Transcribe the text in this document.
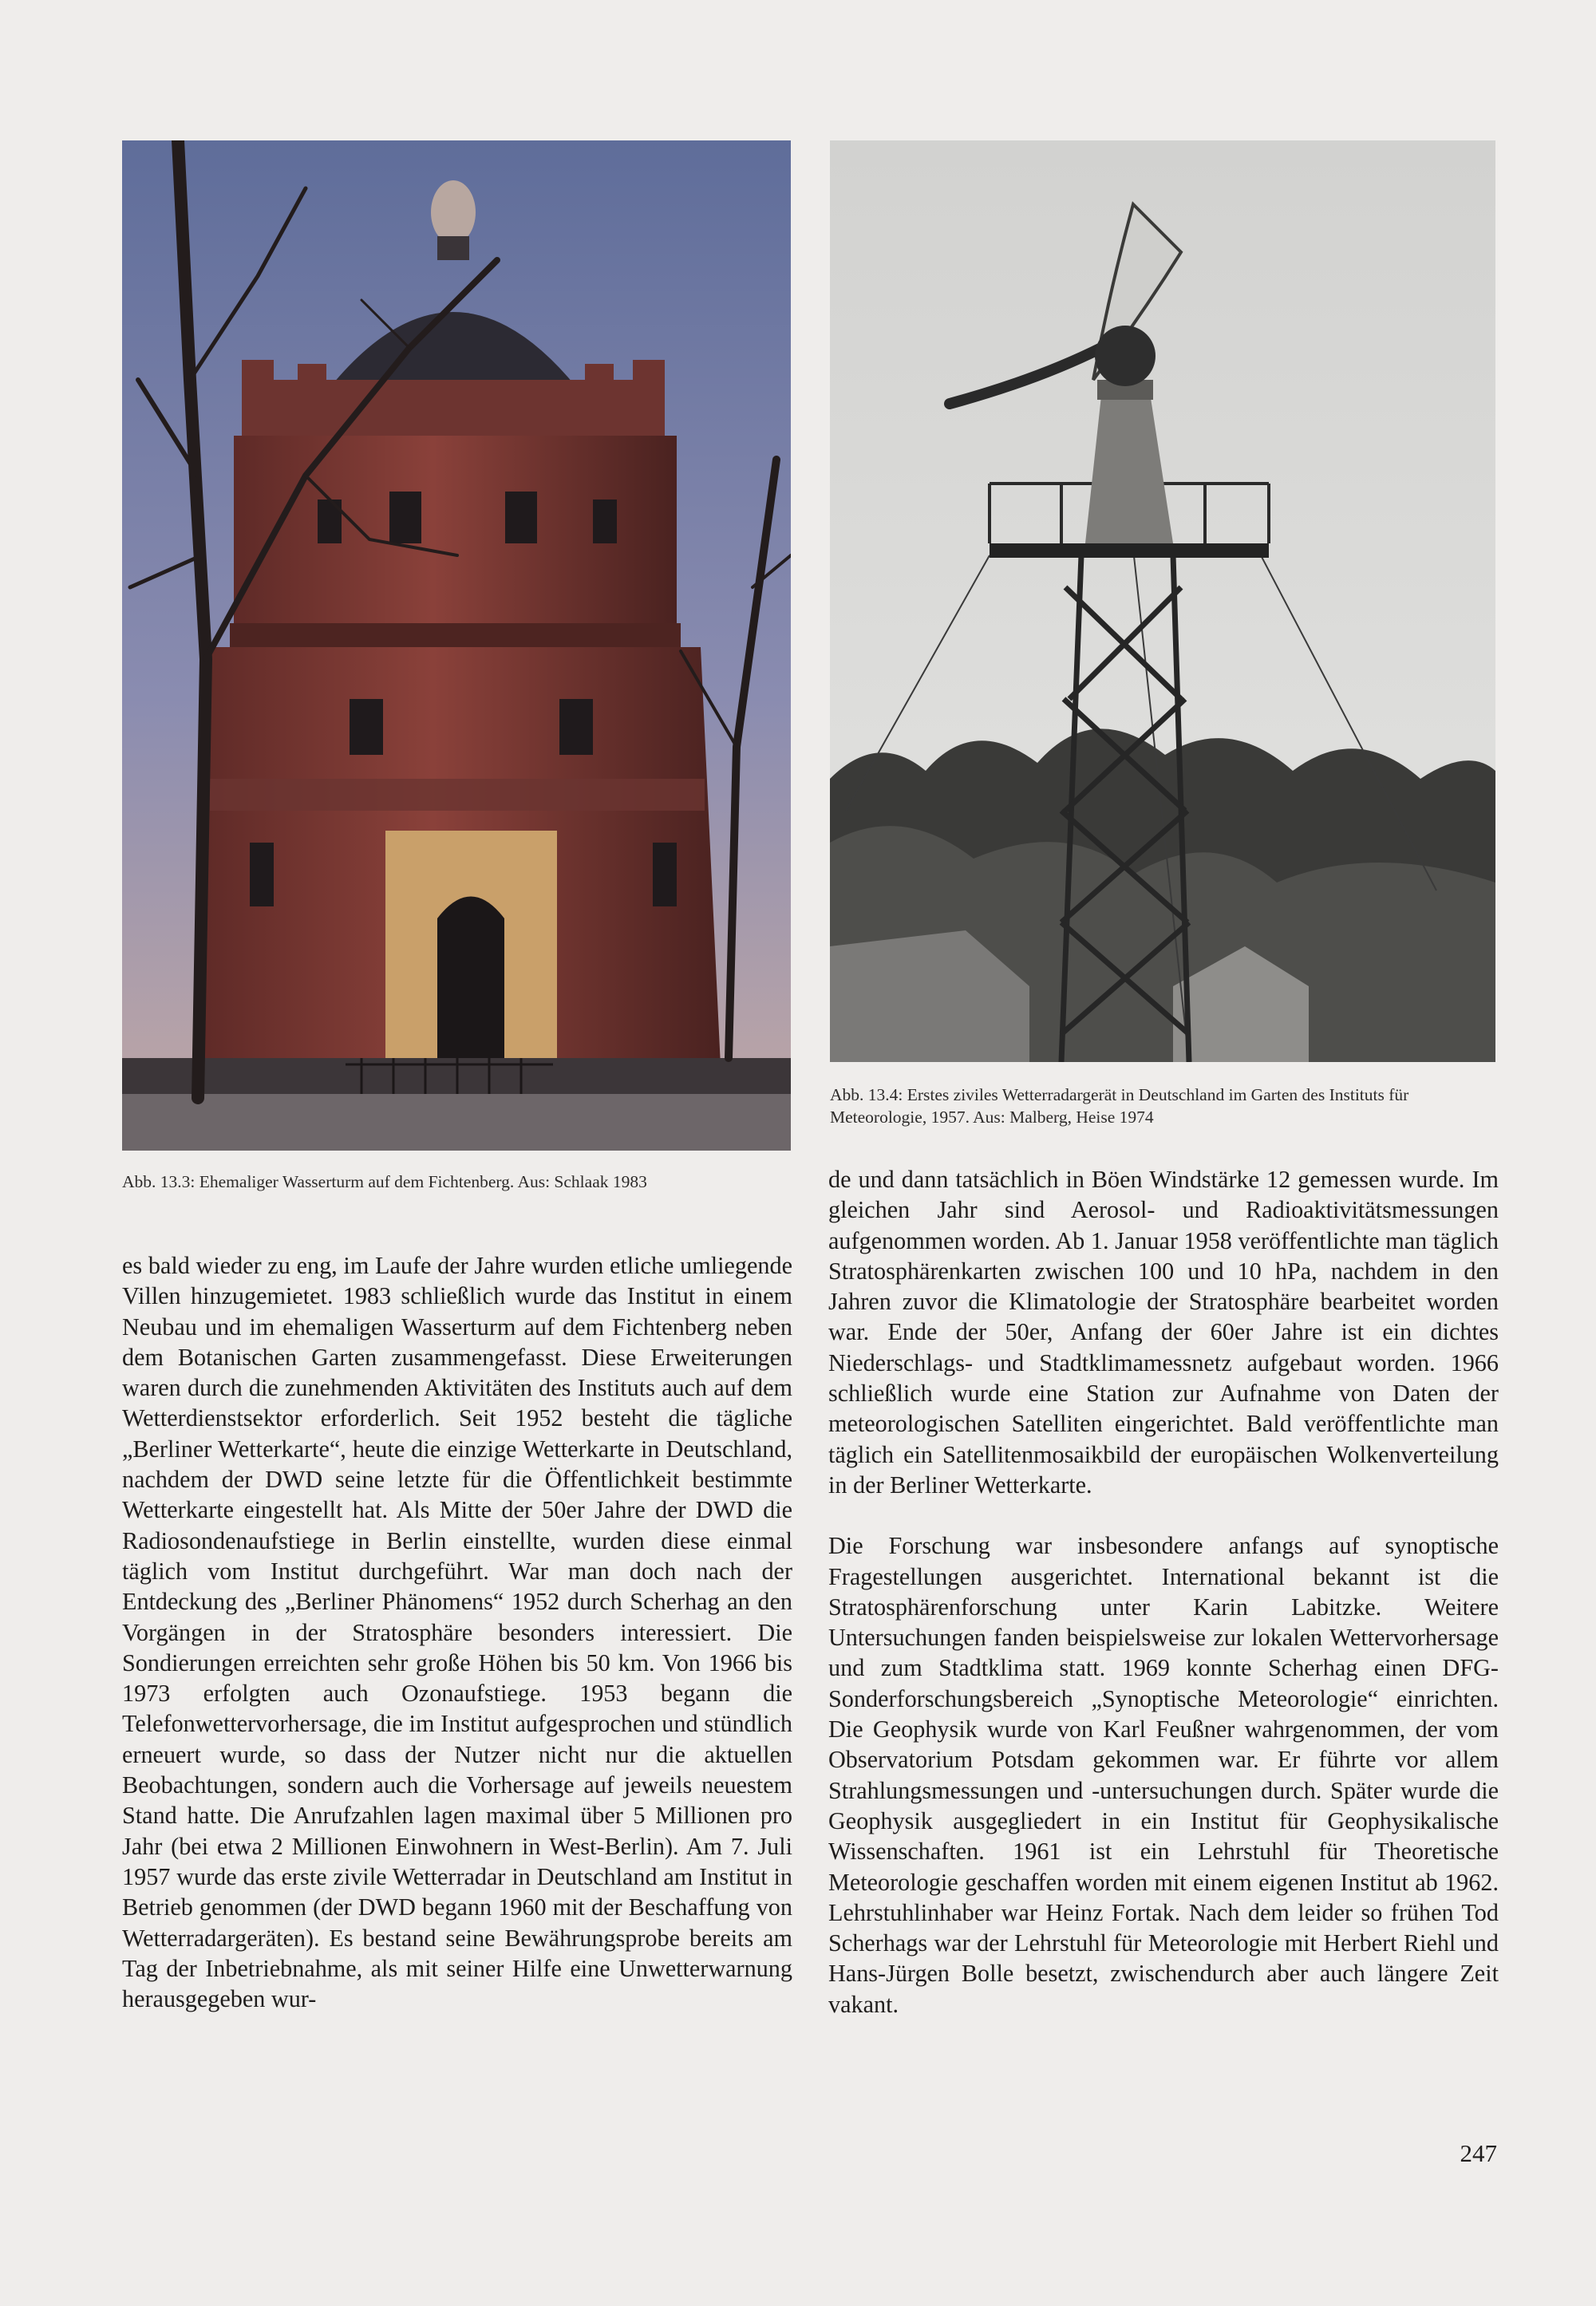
Abb. 13.3: Ehemaliger Wasserturm auf dem Fichtenberg. Aus: Schlaak 1983

Abb. 13.4: Erstes ziviles Wetterradargerät in Deutschland im Garten des Instituts für Meteorologie, 1957. Aus: Malberg, Heise 1974

es bald wieder zu eng, im Laufe der Jahre wurden etliche umliegende Villen hinzugemietet. 1983 schließlich wurde das Institut in einem Neubau und im ehemaligen Wasserturm auf dem Fichtenberg neben dem Botanischen Garten zusammengefasst. Diese Erweiterungen waren durch die zunehmenden Aktivitäten des Instituts auch auf dem Wetterdienstsektor erforderlich. Seit 1952 besteht die tägliche „Berliner Wetterkarte“, heute die einzige Wetterkarte in Deutschland, nachdem der DWD seine letzte für die Öffentlichkeit bestimmte Wetterkarte eingestellt hat. Als Mitte der 50er Jahre der DWD die Radiosondenaufstiege in Berlin einstellte, wurden diese einmal täglich vom Institut durchgeführt. War man doch nach der Entdeckung des „Berliner Phänomens“ 1952 durch Scherhag an den Vorgängen in der Stratosphäre besonders interessiert. Die Sondierungen erreichten sehr große Höhen bis 50 km. Von 1966 bis 1973 erfolgten auch Ozonaufstiege. 1953 begann die Telefonwettervorhersage, die im Institut aufgesprochen und stündlich erneuert wurde, so dass der Nutzer nicht nur die aktuellen Beobachtungen, sondern auch die Vorhersage auf jeweils neuestem Stand hatte. Die Anrufzahlen lagen maximal über 5 Millionen pro Jahr (bei etwa 2 Millionen Einwohnern in West-Berlin). Am 7. Juli 1957 wurde das erste zivile Wetterradar in Deutschland am Institut in Betrieb genommen (der DWD begann 1960 mit der Beschaffung von Wetterradargeräten). Es bestand seine Bewährungsprobe bereits am Tag der Inbetriebnahme, als mit seiner Hilfe eine Unwetterwarnung herausgegeben wur-

de und dann tatsächlich in Böen Windstärke 12 gemessen wurde. Im gleichen Jahr sind Aerosol- und Radioaktivitätsmessungen aufgenommen worden. Ab 1. Januar 1958 veröffentlichte man täglich Stratosphärenkarten zwischen 100 und 10 hPa, nachdem in den Jahren zuvor die Klimatologie der Stratosphäre bearbeitet worden war. Ende der 50er, Anfang der 60er Jahre ist ein dichtes Niederschlags- und Stadtklimamessnetz aufgebaut worden. 1966 schließlich wurde eine Station zur Aufnahme von Daten der meteorologischen Satelliten eingerichtet. Bald veröffentlichte man täglich ein Satellitenmosaikbild der europäischen Wolkenverteilung in der Berliner Wetterkarte.

Die Forschung war insbesondere anfangs auf synoptische Fragestellungen ausgerichtet. International bekannt ist die Stratosphärenforschung unter Karin Labitzke. Weitere Untersuchungen fanden beispielsweise zur lokalen Wettervorhersage und zum Stadtklima statt. 1969 konnte Scherhag einen DFG-Sonderforschungsbereich „Synoptische Meteorologie“ einrichten. Die Geophysik wurde von Karl Feußner wahrgenommen, der vom Observatorium Potsdam gekommen war. Er führte vor allem Strahlungsmessungen und -untersuchungen durch. Später wurde die Geophysik ausgegliedert in ein Institut für Geophysikalische Wissenschaften. 1961 ist ein Lehrstuhl für Theoretische Meteorologie geschaffen worden mit einem eigenen Institut ab 1962. Lehrstuhlinhaber war Heinz Fortak. Nach dem leider so frühen Tod Scherhags war der Lehrstuhl für Meteorologie mit Herbert Riehl und Hans-Jürgen Bolle besetzt, zwischendurch aber auch längere Zeit vakant.

247
